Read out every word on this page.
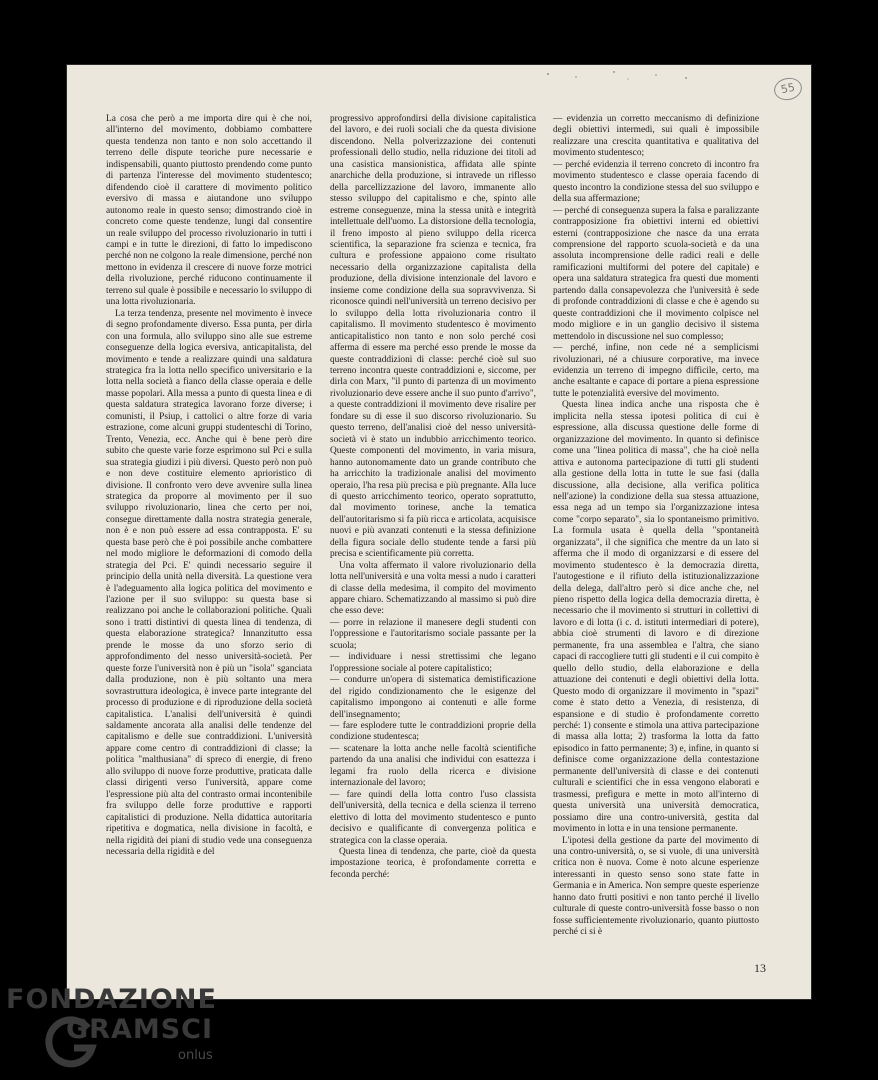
55

La cosa che però a me importa dire qui è che noi, all'interno del movimento, dobbiamo combattere questa tendenza non tanto e non solo accettando il terreno delle dispute teoriche pure necessarie e indispensabili, quanto piuttosto prendendo come punto di partenza l'interesse del movimento studentesco; difendendo cioè il carattere di movimento politico eversivo di massa e aiutandone uno sviluppo autonomo reale in questo senso; dimostrando cioè in concreto come queste tendenze, lungi dal consentire un reale sviluppo del processo rivoluzionario in tutti i campi e in tutte le direzioni, di fatto lo impediscono perché non ne colgono la reale dimensione, perché non mettono in evidenza il crescere di nuove forze motrici della rivoluzione, perché riducono continuamente il terreno sul quale è possibile e necessario lo sviluppo di una lotta rivoluzionaria.

La terza tendenza, presente nel movimento è invece di segno profondamente diverso. Essa punta, per dirla con una formula, allo sviluppo sino alle sue estreme conseguenze della logica eversiva, anticapitalista, del movimento e tende a realizzare quindi una saldatura strategica fra la lotta nello specifico universitario e la lotta nella società a fianco della classe operaia e delle masse popolari. Alla messa a punto di questa linea e di questa saldatura strategica lavorano forze diverse; i comunisti, il Psiup, i cattolici o altre forze di varia estrazione, come alcuni gruppi studenteschi di Torino, Trento, Venezia, ecc. Anche qui è bene però dire subito che queste varie forze esprimono sul Pci e sulla sua strategia giudizi i più diversi. Questo però non può e non deve costituire elemento aprioristico di divisione. Il confronto vero deve avvenire sulla linea strategica da proporre al movimento per il suo sviluppo rivoluzionario, linea che certo per noi, consegue direttamente dalla nostra strategia generale, non è e non può essere ad essa contrapposta. E' su questa base però che è poi possibile anche combattere nel modo migliore le deformazioni di comodo della strategia del Pci. E' quindi necessario seguire il principio della unità nella diversità. La questione vera è l'adeguamento alla logica politica del movimento e l'azione per il suo sviluppo: su questa base si realizzano poi anche le collaborazioni politiche. Quali sono i tratti distintivi di questa linea di tendenza, di questa elaborazione strategica? Innanzitutto essa prende le mosse da uno sforzo serio di approfondimento del nesso università-società. Per queste forze l'università non è più un "isola" sganciata dalla produzione, non è più soltanto una mera sovrastruttura ideologica, è invece parte integrante del processo di produzione e di riproduzione della società capitalistica. L'analisi dell'università è quindi saldamente ancorata alla analisi delle tendenze del capitalismo e delle sue contraddizioni. L'università appare come centro di contraddizioni di classe; la politica "malthusiana" di spreco di energie, di freno allo sviluppo di nuove forze produttive, praticata dalle classi dirigenti verso l'università, appare come l'espressione più alta del contrasto ormai incontenibile fra sviluppo delle forze produttive e rapporti capitalistici di produzione. Nella didattica autoritaria ripetitiva e dogmatica, nella divisione in facoltà, e nella rigidità dei piani di studio vede una conseguenza necessaria della rigidità e del

progressivo approfondirsi della divisione capitalistica del lavoro, e dei ruoli sociali che da questa divisione discendono. Nella polverizzazione dei contenuti professionali dello studio, nella riduzione dei titoli ad una casistica mansionistica, affidata alle spinte anarchiche della produzione, si intravede un riflesso della parcellizzazione del lavoro, immanente allo stesso sviluppo del capitalismo e che, spinto alle estreme conseguenze, mina la stessa unità e integrità intellettuale dell'uomo. La distorsione della tecnologia, il freno imposto al pieno sviluppo della ricerca scientifica, la separazione fra scienza e tecnica, fra cultura e professione appaiono come risultato necessario della organizzazione capitalista della produzione, della divisione intenzionale del lavoro e insieme come condizione della sua sopravvivenza. Si riconosce quindi nell'università un terreno decisivo per lo sviluppo della lotta rivoluzionaria contro il capitalismo. Il movimento studentesco è movimento anticapitalistico non tanto e non solo perché così afferma di essere ma perché esso prende le mosse da queste contraddizioni di classe: perché cioè sul suo terreno incontra queste contraddizioni e, siccome, per dirla con Marx, "il punto di partenza di un movimento rivoluzionario deve essere anche il suo punto d'arrivo", a queste contraddizioni il movimento deve risalire per fondare su di esse il suo discorso rivoluzionario. Su questo terreno, dell'analisi cioè del nesso università-società vi è stato un indubbio arricchimento teorico. Queste componenti del movimento, in varia misura, hanno autonomamente dato un grande contributo che ha arricchito la tradizionale analisi del movimento operaio, l'ha resa più precisa e più pregnante. Alla luce di questo arricchimento teorico, operato soprattutto, dal movimento torinese, anche la tematica dell'autoritarismo si fa più ricca e articolata, acquisisce nuovi e più avanzati contenuti e la stessa definizione della figura sociale dello studente tende a farsi più precisa e scientificamente più corretta.

Una volta affermato il valore rivoluzionario della lotta nell'università e una volta messi a nudo i caratteri di classe della medesima, il compito del movimento appare chiaro. Schematizzando al massimo si può dire che esso deve:

— porre in relazione il manesere degli studenti con l'oppressione e l'autoritarismo sociale passante per la scuola;

— individuare i nessi strettissimi che legano l'oppressione sociale al potere capitalistico;

— condurre un'opera di sistematica demistificazione del rigido condizionamento che le esigenze del capitalismo impongono ai contenuti e alle forme dell'insegnamento;

— fare esplodere tutte le contraddizioni proprie della condizione studentesca;

— scatenare la lotta anche nelle facoltà scientifiche partendo da una analisi che individui con esattezza i legami fra ruolo della ricerca e divisione internazionale del lavoro;

— fare quindi della lotta contro l'uso classista dell'università, della tecnica e della scienza il terreno elettivo di lotta del movimento studentesco e punto decisivo e qualificante di convergenza politica e strategica con la classe operaia.

Questa linea di tendenza, che parte, cioè da questa impostazione teorica, è profondamente corretta e feconda perché:

— evidenzia un corretto meccanismo di definizione degli obiettivi intermedi, sui quali è impossibile realizzare una crescita quantitativa e qualitativa del movimento studentesco;

— perché evidenzia il terreno concreto di incontro fra movimento studentesco e classe operaia facendo di questo incontro la condizione stessa del suo sviluppo e della sua affermazione;

— perché di conseguenza supera la falsa e paralizzante contrapposizione fra obiettivi interni ed obiettivi esterni (contrapposizione che nasce da una errata comprensione del rapporto scuola-società e da una assoluta incomprensione delle radici reali e delle ramificazioni multiformi del potere del capitale) e opera una saldatura strategica fra questi due momenti partendo dalla consapevolezza che l'università è sede di profonde contraddizioni di classe e che è agendo su queste contraddizioni che il movimento colpisce nel modo migliore e in un ganglio decisivo il sistema mettendolo in discussione nel suo complesso;

— perché, infine, non cede né a semplicismi rivoluzionari, né a chiusure corporative, ma invece evidenzia un terreno di impegno difficile, certo, ma anche esaltante e capace di portare a piena espressione tutte le potenzialità eversive del movimento.

Questa linea indica anche una risposta che è implicita nella stessa ipotesi politica di cui è espressione, alla discussa questione delle forme di organizzazione del movimento. In quanto si definisce come una "linea politica di massa", che ha cioè nella attiva e autonoma partecipazione di tutti gli studenti alla gestione della lotta in tutte le sue fasi (dalla discussione, alla decisione, alla verifica politica nell'azione) la condizione della sua stessa attuazione, essa nega ad un tempo sia l'organizzazione intesa come "corpo separato", sia lo spontaneismo primitivo. La formula usata è quella della "spontaneità organizzata", il che significa che mentre da un lato si afferma che il modo di organizzarsi e di essere del movimento studentesco è la democrazia diretta, l'autogestione e il rifiuto della istituzionalizzazione della delega, dall'altro però si dice anche che, nel pieno rispetto della logica della democrazia diretta, è necessario che il movimento si strutturi in collettivi di lavoro e di lotta (i c. d. istituti intermediari di potere), abbia cioè strumenti di lavoro e di direzione permanente, fra una assemblea e l'altra, che siano capaci di raccogliere tutti gli studenti e il cui compito è quello dello studio, della elaborazione e della attuazione dei contenuti e degli obiettivi della lotta. Questo modo di organizzare il movimento in "spazi" come è stato detto a Venezia, di resistenza, di espansione e di studio è profondamente corretto perché: 1) consente e stimola una attiva partecipazione di massa alla lotta; 2) trasforma la lotta da fatto episodico in fatto permanente; 3) e, infine, in quanto si definisce come organizzazione della contestazione permanente dell'università di classe e dei contenuti culturali e scientifici che in essa vengono elaborati e trasmessi, prefigura e mette in moto all'interno di questa università una università democratica, possiamo dire una contro-università, gestita dal movimento in lotta e in una tensione permanente.

L'ipotesi della gestione da parte del movimento di una contro-università, o, se si vuole, di una università critica non è nuova. Come è noto alcune esperienze interessanti in questo senso sono state fatte in Germania e in America. Non sempre queste esperienze hanno dato frutti positivi e non tanto perché il livello culturale di queste contro-università fosse basso o non fosse sufficientemente rivoluzionario, quanto piuttosto perché ci si è

13
FONDAZIONE
GRAMSCI
onlus
